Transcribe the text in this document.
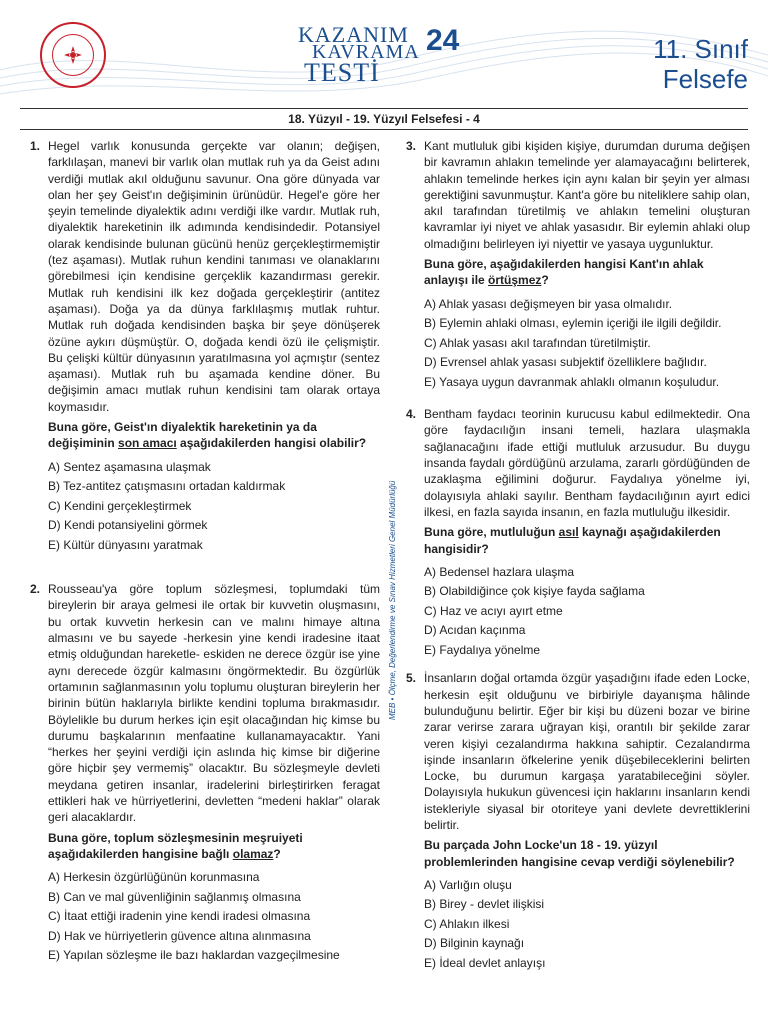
KAZANIM
KAVRAMA
TESTİ
24	11. Sınıf
Felsefe
18. Yüzyıl - 19. Yüzyıl Felsefesi - 4
MEB • Ölçme, Değerlendirme ve Sınav Hizmetleri Genel Müdürlüğü
1. Hegel varlık konusunda gerçekte var olanın; değişen, farklılaşan, manevi bir varlık olan mutlak ruh ya da Geist adını verdiği mutlak akıl olduğunu savunur. Ona göre dünyada var olan her şey Geist'ın değişiminin ürünüdür. Hegel'e göre her şeyin temelinde diyalektik adını verdiği ilke vardır. Mutlak ruh, diyalektik hareketinin ilk adımında kendisindedir. Potansiyel olarak kendisinde bulunan gücünü henüz gerçekleştirmemiştir (tez aşaması). Mutlak ruhun kendini tanıması ve olanaklarını görebilmesi için kendisine gerçeklik kazandırması gerekir. Mutlak ruh kendisini ilk kez doğada gerçekleştirir (antitez aşaması). Doğa ya da dünya farklılaşmış mutlak ruhtur. Mutlak ruh doğada kendisinden başka bir şeye dönüşerek özüne aykırı düşmüştür. O, doğada kendi özü ile çelişmiştir. Bu çelişki kültür dünyasının yaratılmasına yol açmıştır (sentez aşaması). Mutlak ruh bu aşamada kendine döner. Bu değişimin amacı mutlak ruhun kendisini tam olarak ortaya koymasıdır.
Buna göre, Geist'ın diyalektik hareketinin ya da değişiminin son amacı aşağıdakilerden hangisi olabilir?
A) Sentez aşamasına ulaşmak
B) Tez-antitez çatışmasını ortadan kaldırmak
C) Kendini gerçekleştirmek
D) Kendi potansiyelini görmek
E) Kültür dünyasını yaratmak
2. Rousseau'ya göre toplum sözleşmesi, toplumdaki tüm bireylerin bir araya gelmesi ile ortak bir kuvvetin oluşmasını, bu ortak kuvvetin herkesin can ve malını himaye altına almasını ve bu sayede -herkesin yine kendi iradesine itaat etmiş olduğundan hareketle- eskiden ne derece özgür ise yine aynı derecede özgür kalmasını öngörmektedir. Bu özgürlük ortamının sağlanmasının yolu toplumu oluşturan bireylerin her birinin bütün haklarıyla birlikte kendini topluma bırakmasıdır. Böylelikle bu durum herkes için eşit olacağından hiç kimse bu durumu başkalarının menfaatine kullanamayacaktır. Yani “herkes her şeyini verdiği için aslında hiç kimse bir diğerine göre hiçbir şey vermemiş” olacaktır. Bu sözleşmeyle devleti meydana getiren insanlar, iradelerini birleştirirken feragat ettikleri hak ve hürriyetlerini, devletten “medeni haklar” olarak geri alacaklardır.
Buna göre, toplum sözleşmesinin meşruiyeti aşağıdakilerden hangisine bağlı olamaz?
A) Herkesin özgürlüğünün korunmasına
B) Can ve mal güvenliğinin sağlanmış olmasına
C) İtaat ettiği iradenin yine kendi iradesi olmasına
D) Hak ve hürriyetlerin güvence altına alınmasına
E) Yapılan sözleşme ile bazı haklardan vazgeçilmesine
3. Kant mutluluk gibi kişiden kişiye, durumdan duruma değişen bir kavramın ahlakın temelinde yer alamayacağını belirterek, ahlakın temelinde herkes için aynı kalan bir şeyin yer alması gerektiğini savunmuştur. Kant'a göre bu niteliklere sahip olan, akıl tarafından türetilmiş ve ahlakın temelini oluşturan kavramlar iyi niyet ve ahlak yasasıdır. Bir eylemin ahlaki olup olmadığını belirleyen iyi niyettir ve yasaya uygunluktur.
Buna göre, aşağıdakilerden hangisi Kant'ın ahlak anlayışı ile örtüşmez?
A) Ahlak yasası değişmeyen bir yasa olmalıdır.
B) Eylemin ahlaki olması, eylemin içeriği ile ilgili değildir.
C) Ahlak yasası akıl tarafından türetilmiştir.
D) Evrensel ahlak yasası subjektif özelliklere bağlıdır.
E) Yasaya uygun davranmak ahlaklı olmanın koşuludur.
4. Bentham faydacı teorinin kurucusu kabul edilmektedir. Ona göre faydacılığın insani temeli, hazlara ulaşmakla sağlanacağını ifade ettiği mutluluk arzusudur. Bu duygu insanda faydalı gördüğünü arzulama, zararlı gördüğünden de uzaklaşma eğilimini doğurur. Faydalıya yönelme iyi, dolayısıyla ahlaki sayılır. Bentham faydacılığının ayırt edici ilkesi, en fazla sayıda insanın, en fazla mutluluğu ilkesidir.
Buna göre, mutluluğun asıl kaynağı aşağıdakilerden hangisidir?
A) Bedensel hazlara ulaşma
B) Olabildiğince çok kişiye fayda sağlama
C) Haz ve acıyı ayırt etme
D) Acıdan kaçınma
E) Faydalıya yönelme
5. İnsanların doğal ortamda özgür yaşadığını ifade eden Locke, herkesin eşit olduğunu ve birbiriyle dayanışma hâlinde bulunduğunu belirtir. Eğer bir kişi bu düzeni bozar ve birine zarar verirse zarara uğrayan kişi, orantılı bir şekilde zarar veren kişiyi cezalandırma hakkına sahiptir. Cezalandırma işinde insanların öfkelerine yenik düşebileceklerini belirten Locke, bu durumun kargaşa yaratabileceğini söyler. Dolayısıyla hukukun güvencesi için haklarını insanların kendi istekleriyle siyasal bir otoriteye yani devlete devrettiklerini belirtir.
Bu parçada John Locke'un 18 - 19. yüzyıl problemlerinden hangisine cevap verdiği söylenebilir?
A) Varlığın oluşu
B) Birey - devlet ilişkisi
C) Ahlakın ilkesi
D) Bilginin kaynağı
E) İdeal devlet anlayışı
